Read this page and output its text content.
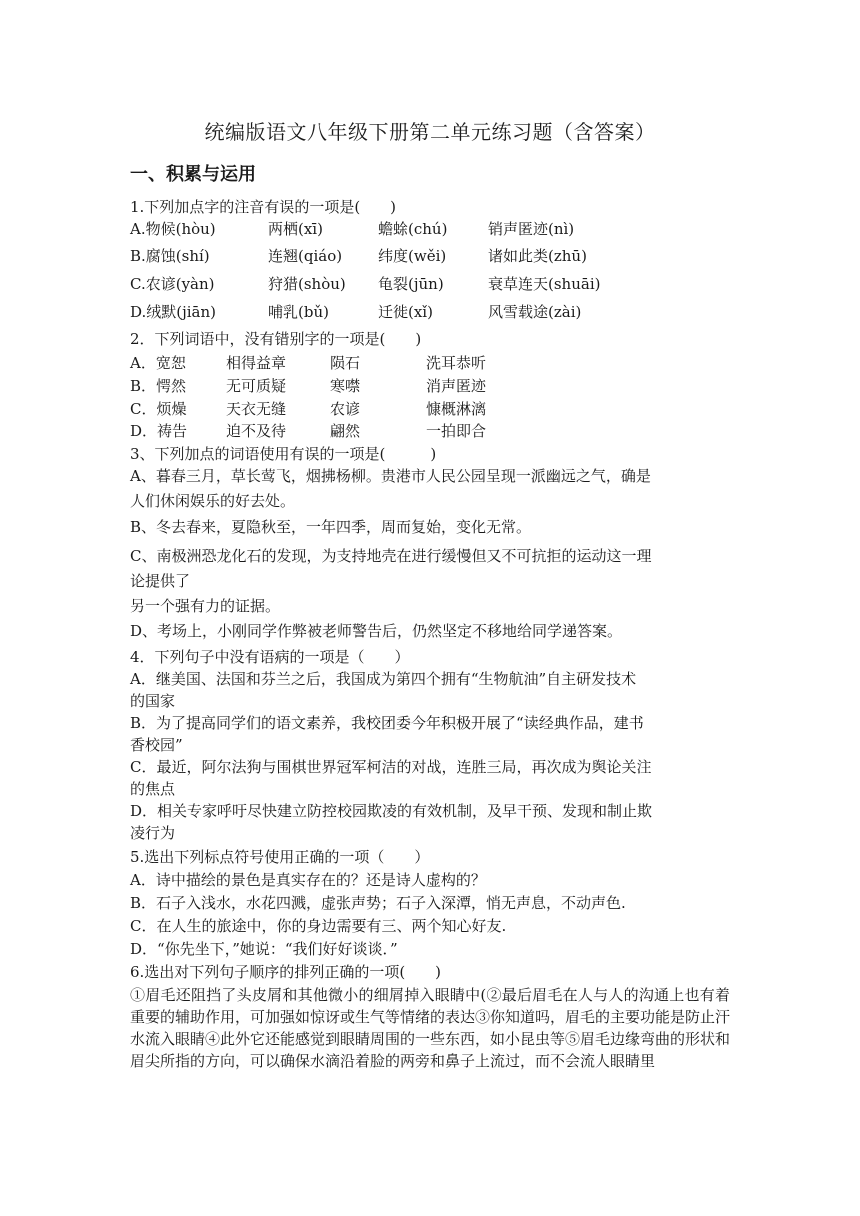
统编版语文八年级下册第二单元练习题（含答案）
一、积累与运用
1.下列加点字的注音有误的一项是(　　)
A.物候(hòu)	两栖(xī)	蟾蜍(chú)	销声匿迹(nì)
B.腐蚀(shí)	连翘(qiáo) 纬度(wěi)	诸如此类(zhū)
C.农谚(yàn)	狩猎(shòu) 龟裂(jūn)	衰草连天(shuāi)
D.绒默(jiān)	哺乳(bǔ)	迁徙(xǐ)	风雪载途(zài)
2．下列词语中，没有错别字的一项是(　　)
A．宽恕	相得益章	陨石	洗耳恭听
B．愕然	无可质疑	寒噤	消声匿迹
C．烦燥	天衣无缝	农谚	慷概淋漓
D．祷告	迫不及待	翩然	一拍即合
3、下列加点的词语使用有误的一项是(　　　)
A、暮春三月，草长莺飞，烟拂杨柳。贵港市人民公园呈现一派幽远之气，确是
人们休闲娱乐的好去处。
B、冬去春来，夏隐秋至，一年四季，周而复始，变化无常。
C、南极洲恐龙化石的发现，为支持地壳在进行缓慢但又不可抗拒的运动这一理
论提供了
另一个强有力的证据。
D、考场上，小刚同学作弊被老师警告后，仍然坚定不移地给同学递答案。
4．下列句子中没有语病的一项是（　　）
A．继美国、法国和芬兰之后，我国成为第四个拥有“生物航油”自主研发技术
的国家
B．为了提高同学们的语文素养，我校团委今年积极开展了“读经典作品，建书
香校园”
C．最近，阿尔法狗与围棋世界冠军柯洁的对战，连胜三局，再次成为舆论关注
的焦点
D．相关专家呼吁尽快建立防控校园欺凌的有效机制，及早干预、发现和制止欺
凌行为
5.选出下列标点符号使用正确的一项（　　）
A．诗中描绘的景色是真实存在的？还是诗人虚构的？
B．石子入浅水，水花四溅，虚张声势；石子入深潭，悄无声息，不动声色.
C．在人生的旅途中，你的身边需要有三、两个知心好友.
D．“你先坐下，”她说：“我们好好谈谈．”
6.选出对下列句子顺序的排列正确的一项(　　)
①眉毛还阻挡了头皮屑和其他微小的细屑掉入眼睛中(②最后眉毛在人与人的沟通上也有着重要的辅助作用，可加强如惊讶或生气等情绪的表达③你知道吗，眉毛的主要功能是防止汗水流入眼睛④此外它还能感觉到眼睛周围的一些东西，如小昆虫等⑤眉毛边缘弯曲的形状和眉尖所指的方向，可以确保水滴沿着脸的两旁和鼻子上流过，而不会流人眼睛里
